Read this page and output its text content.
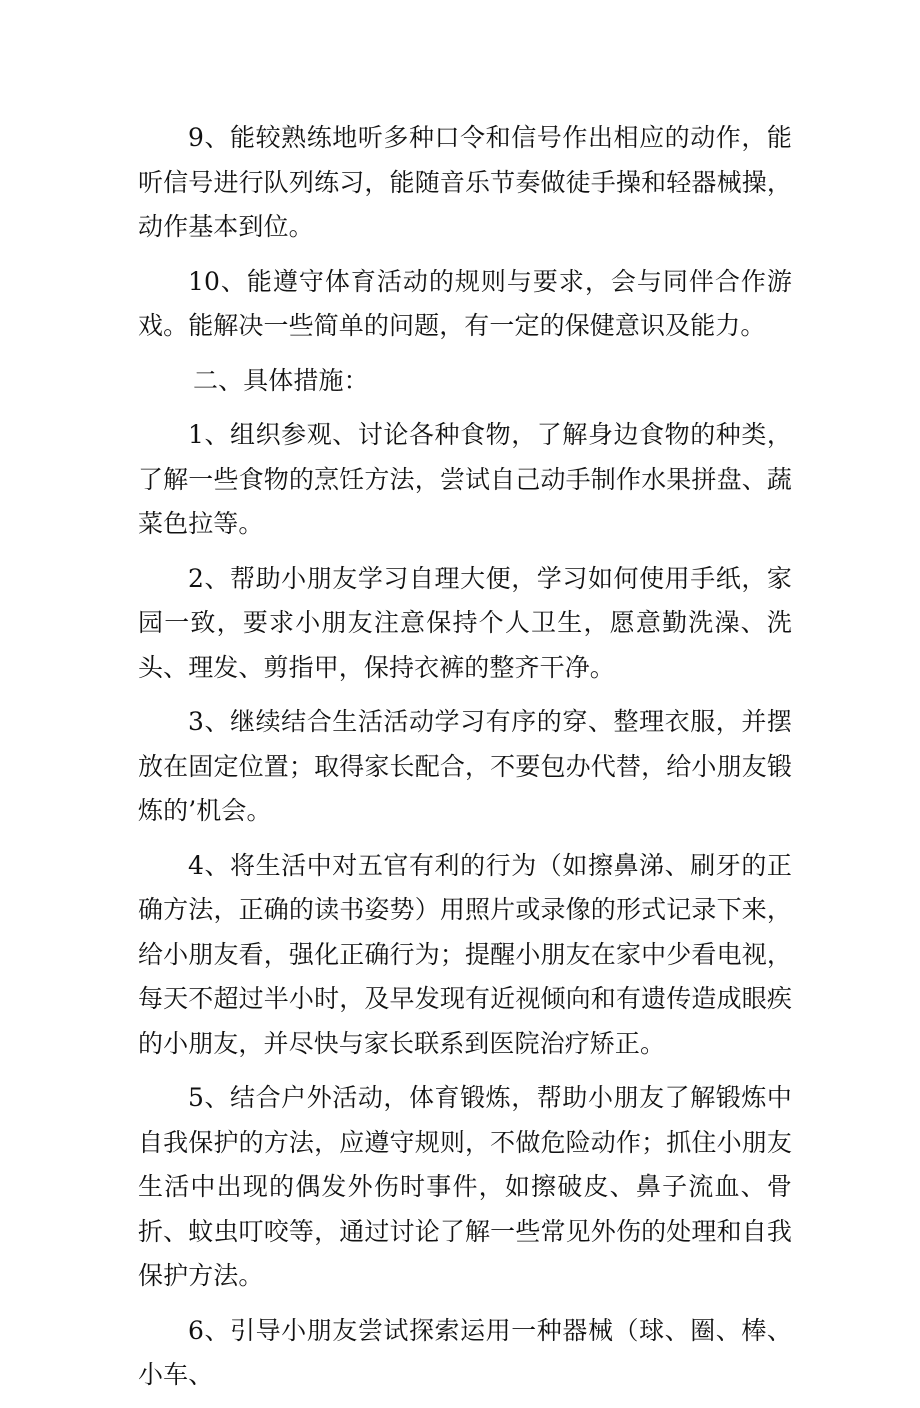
9、能较熟练地听多种口令和信号作出相应的动作，能听信号进行队列练习，能随音乐节奏做徒手操和轻器械操，动作基本到位。

10、能遵守体育活动的规则与要求，会与同伴合作游戏。能解决一些简单的问题，有一定的保健意识及能力。

二、具体措施：

1、组织参观、讨论各种食物，了解身边食物的种类，了解一些食物的烹饪方法，尝试自己动手制作水果拼盘、蔬菜色拉等。

2、帮助小朋友学习自理大便，学习如何使用手纸，家园一致，要求小朋友注意保持个人卫生，愿意勤洗澡、洗头、理发、剪指甲，保持衣裤的整齐干净。

3、继续结合生活活动学习有序的穿、整理衣服，并摆放在固定位置；取得家长配合，不要包办代替，给小朋友锻炼的’机会。

4、将生活中对五官有利的行为（如擦鼻涕、刷牙的正确方法，正确的读书姿势）用照片或录像的形式记录下来，给小朋友看，强化正确行为；提醒小朋友在家中少看电视，每天不超过半小时，及早发现有近视倾向和有遗传造成眼疾的小朋友，并尽快与家长联系到医院治疗矫正。

5、结合户外活动，体育锻炼，帮助小朋友了解锻炼中自我保护的方法，应遵守规则，不做危险动作；抓住小朋友生活中出现的偶发外伤时事件，如擦破皮、鼻子流血、骨折、蚊虫叮咬等，通过讨论了解一些常见外伤的处理和自我保护方法。

6、引导小朋友尝试探索运用一种器械（球、圈、棒、小车、
